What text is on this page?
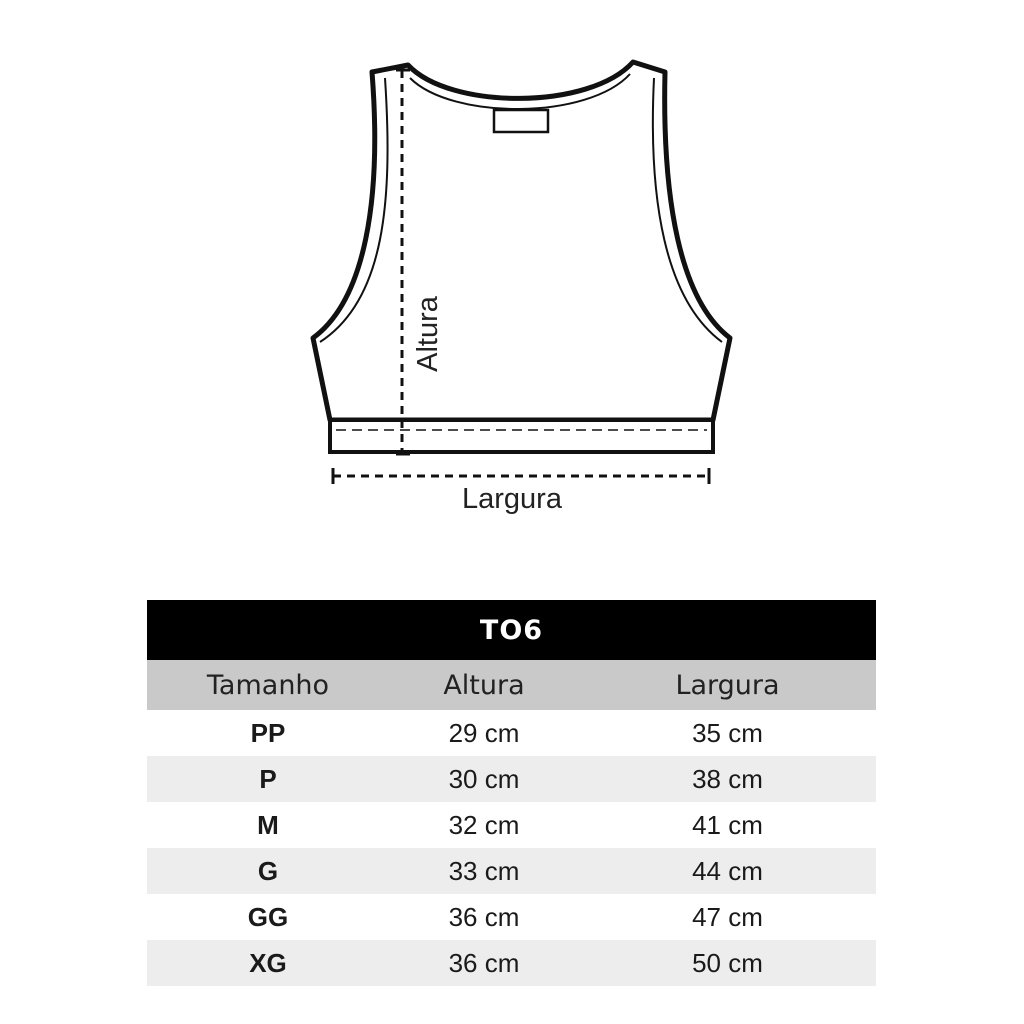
Altura
Largura
TO6
Tamanho	Altura	Largura
PP	29 cm	35 cm
P	30 cm	38 cm
M	32 cm	41 cm
G	33 cm	44 cm
GG	36 cm	47 cm
XG	36 cm	50 cm
